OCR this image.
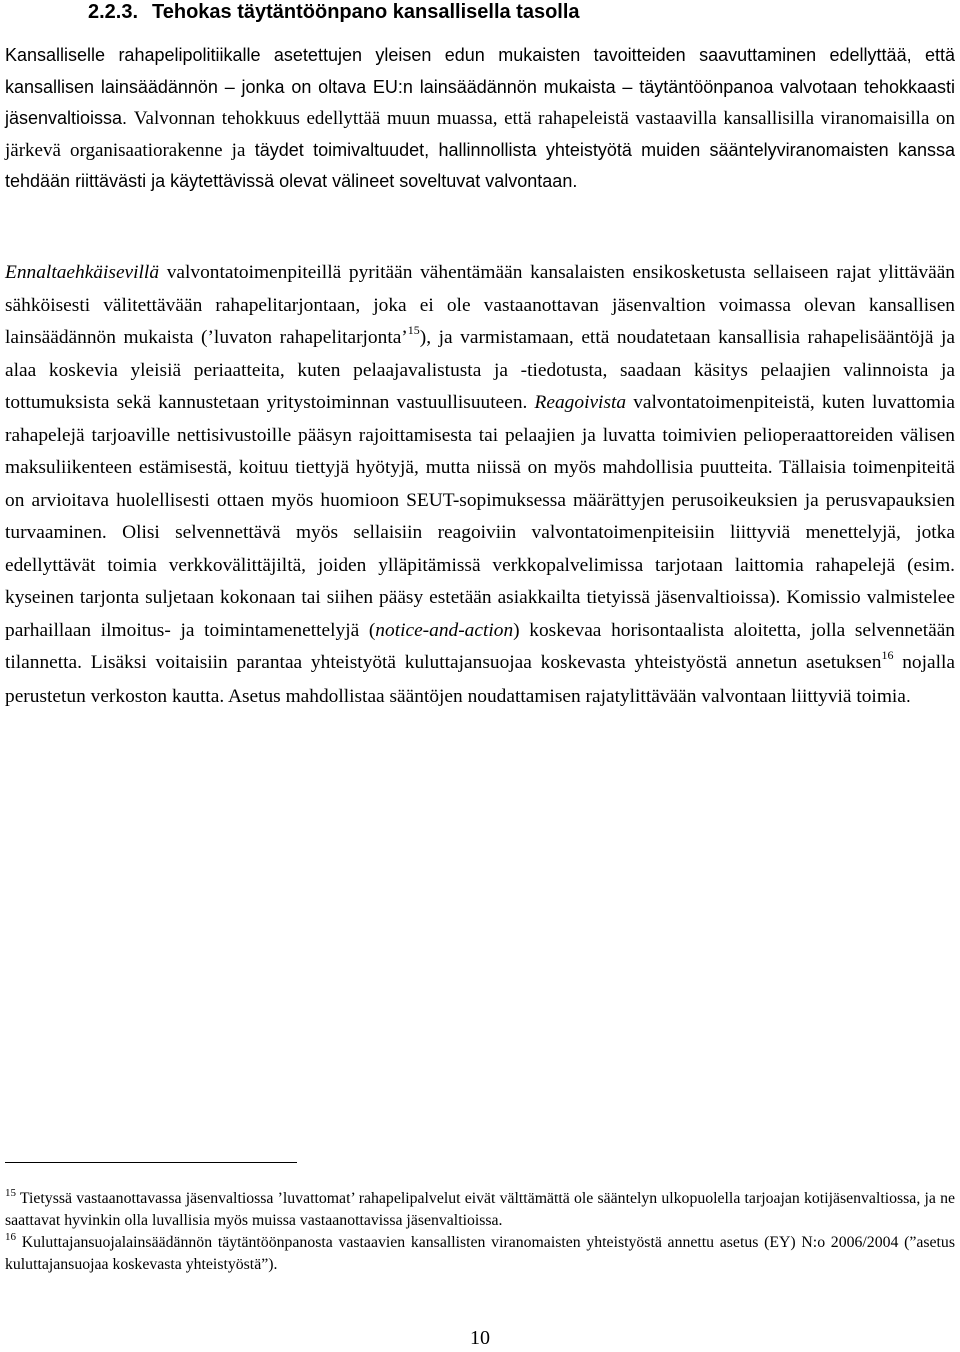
2.2.3. Tehokas täytäntöönpano kansallisella tasolla
Kansalliselle rahapelipolitiikalle asetettujen yleisen edun mukaisten tavoitteiden saavuttaminen edellyttää, että kansallisen lainsäädännön – jonka on oltava EU:n lainsäädännön mukaista – täytäntöönpanoa valvotaan tehokkaasti jäsenvaltioissa. Valvonnan tehokkuus edellyttää muun muassa, että rahapeleistä vastaavilla kansallisilla viranomaisilla on järkevä organisaatiorakenne ja täydet toimivaltuudet, hallinnollista yhteistyötä muiden sääntelyviranomaisten kanssa tehdään riittävästi ja käytettävissä olevat välineet soveltuvat valvontaan.
Ennaltaehkäisevillä valvontatoimenpiteillä pyritään vähentämään kansalaisten ensikosketusta sellaiseen rajat ylittävään sähköisesti välitettävään rahapelitarjontaan, joka ei ole vastaanottavan jäsenvaltion voimassa olevan kansallisen lainsäädännön mukaista (’luvaton rahapelitarjonta’$^{15}$), ja varmistamaan, että noudatetaan kansallisia rahapelisääntöjä ja alaa koskevia yleisiä periaatteita, kuten pelaajavalistusta ja -tiedotusta, saadaan käsitys pelaajien valinnoista ja tottumuksista sekä kannustetaan yritystoiminnan vastuullisuuteen. Reagoivista valvontatoimenpiteistä, kuten luvattomia rahapelejä tarjoaville nettisivustoille pääsyn rajoittamisesta tai pelaajien ja luvatta toimivien pelioperaattoreiden välisen maksuliikenteen estämisestä, koituu tiettyjä hyötyjä, mutta niissä on myös mahdollisia puutteita. Tällaisia toimenpiteitä on arvioitava huolellisesti ottaen myös huomioon SEUT-sopimuksessa määrättyjen perusoikeuksien ja perusvapauksien turvaaminen. Olisi selvennettävä myös sellaisiin reagoiviin valvontatoimenpiteisiin liittyviä menettelyjä, jotka edellyttävät toimia verkkovälittäjiltä, joiden ylläpitämissä verkkopalvelimissa tarjotaan laittomia rahapelejä (esim. kyseinen tarjonta suljetaan kokonaan tai siihen pääsy estetään asiakkailta tietyissä jäsenvaltioissa). Komissio valmistelee parhaillaan ilmoitus- ja toimintamenettelyjä (notice-and-action) koskevaa horisontaalista aloitetta, jolla selvennetään tilannetta. Lisäksi voitaisiin parantaa yhteistyötä kuluttajansuojaa koskevasta yhteistyöstä annetun asetuksen$^{16}$ nojalla perustetun verkoston kautta. Asetus mahdollistaa sääntöjen noudattamisen rajatylittävään valvontaan liittyviä toimia.

$^{15}$ Tietyssä vastaanottavassa jäsenvaltiossa ’luvattomat’ rahapelipalvelut eivät välttämättä ole sääntelyn ulkopuolella tarjoajan kotijäsenvaltiossa, ja ne saattavat hyvinkin olla luvallisia myös muissa vastaanottavissa jäsenvaltioissa.

$^{16}$ Kuluttajansuojalainsäädännön täytäntöönpanosta vastaavien kansallisten viranomaisten yhteistyöstä annettu asetus (EY) N:o 2006/2004 (”asetus kuluttajansuojaa koskevasta yhteistyöstä”).

10
